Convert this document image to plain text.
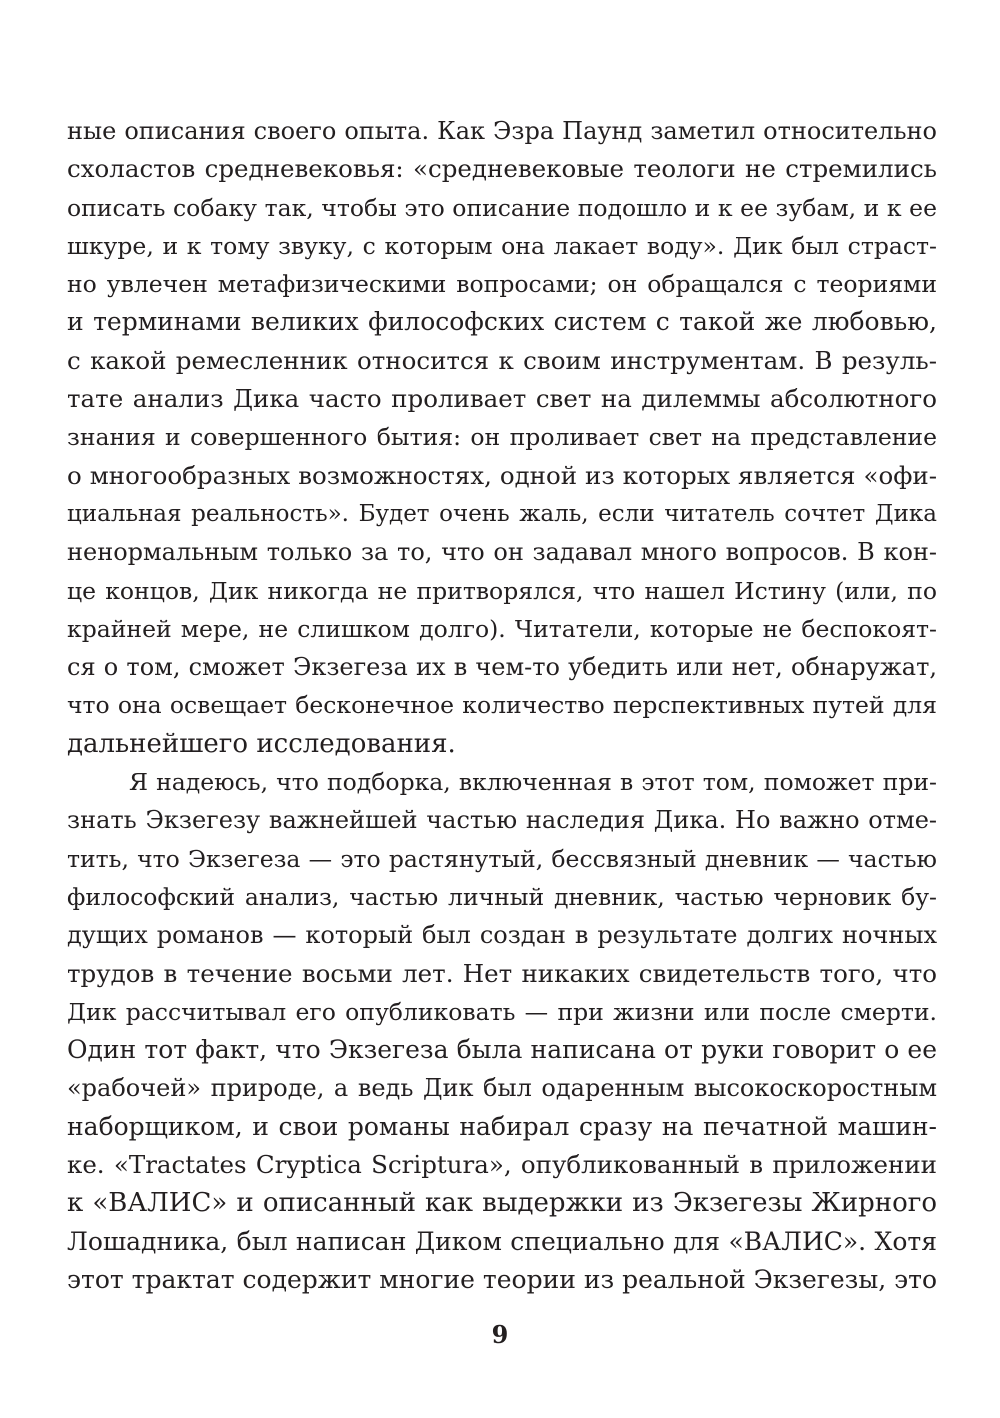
ные описания своего опыта. Как Эзра Паунд заметил относительно
схоластов средневековья: «средневековые теологи не стремились
описать собаку так, чтобы это описание подошло и к ее зубам, и к ее
шкуре, и к тому звуку, с которым она лакает воду». Дик был страст-
но увлечен метафизическими вопросами; он обращался с теориями
и терминами великих философских систем с такой же любовью,
с какой ремесленник относится к своим инструментам. В резуль-
тате анализ Дика часто проливает свет на дилеммы абсолютного
знания и совершенного бытия: он проливает свет на представление
о многообразных возможностях, одной из которых является «офи-
циальная реальность». Будет очень жаль, если читатель сочтет Дика
ненормальным только за то, что он задавал много вопросов. В кон-
це концов, Дик никогда не притворялся, что нашел Истину (или, по
крайней мере, не слишком долго). Читатели, которые не беспокоят-
ся о том, сможет Экзегеза их в чем-то убедить или нет, обнаружат,
что она освещает бесконечное количество перспективных путей для
дальнейшего исследования.
Я надеюсь, что подборка, включенная в этот том, поможет при-
знать Экзегезу важнейшей частью наследия Дика. Но важно отме-
тить, что Экзегеза — это растянутый, бессвязный дневник — частью
философский анализ, частью личный дневник, частью черновик бу-
дущих романов — который был создан в результате долгих ночных
трудов в течение восьми лет. Нет никаких свидетельств того, что
Дик рассчитывал его опубликовать — при жизни или после смерти.
Один тот факт, что Экзегеза была написана от руки говорит о ее
«рабочей» природе, а ведь Дик был одаренным высокоскоростным
наборщиком, и свои романы набирал сразу на печатной машин-
ке. «Tractates Cryptica Scriptura», опубликованный в приложении
к «ВАЛИС» и описанный как выдержки из Экзегезы Жирного
Лошадника, был написан Диком специально для «ВАЛИС». Хотя
этот трактат содержит многие теории из реальной Экзегезы, это
9
